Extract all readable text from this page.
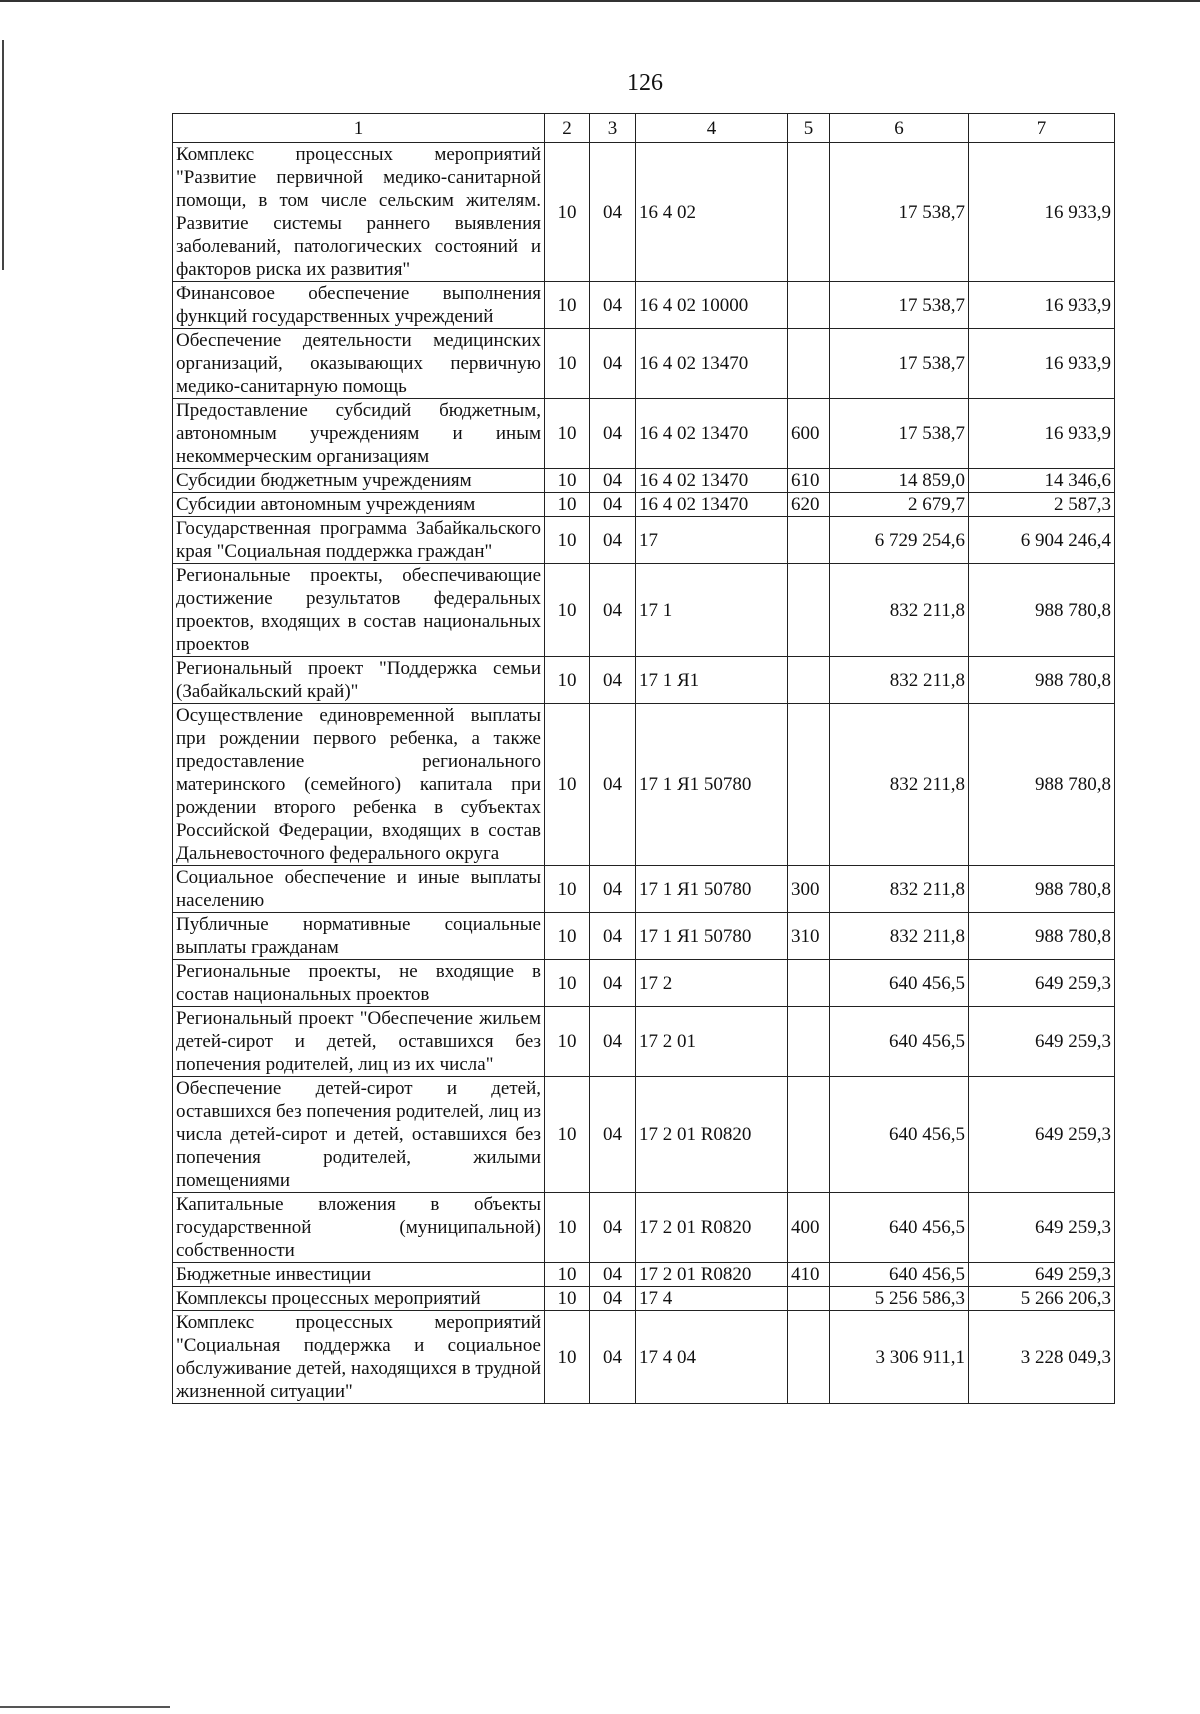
126
1	2	3	4	5	6	7
Комплекс процессных мероприятий "Развитие первичной медико-санитарной помощи, в том числе сельским жителям. Развитие системы раннего выявления заболеваний, патологических состояний и факторов риска их развития"	10	04	16 4 02		17 538,7	16 933,9
Финансовое обеспечение выполнения функций государственных учреждений	10	04	16 4 02 10000		17 538,7	16 933,9
Обеспечение деятельности медицинских организаций, оказывающих первичную медико-санитарную помощь	10	04	16 4 02 13470		17 538,7	16 933,9
Предоставление субсидий бюджетным, автономным учреждениям и иным некоммерческим организациям	10	04	16 4 02 13470	600	17 538,7	16 933,9
Субсидии бюджетным учреждениям	10	04	16 4 02 13470	610	14 859,0	14 346,6
Субсидии автономным учреждениям	10	04	16 4 02 13470	620	2 679,7	2 587,3
Государственная программа Забайкальского края "Социальная поддержка граждан"	10	04	17		6 729 254,6	6 904 246,4
Региональные проекты, обеспечивающие достижение результатов федеральных проектов, входящих в состав национальных проектов	10	04	17 1		832 211,8	988 780,8
Региональный проект "Поддержка семьи (Забайкальский край)"	10	04	17 1 Я1		832 211,8	988 780,8
Осуществление единовременной выплаты при рождении первого ребенка, а также предоставление регионального материнского (семейного) капитала при рождении второго ребенка в субъектах Российской Федерации, входящих в состав Дальневосточного федерального округа	10	04	17 1 Я1 50780		832 211,8	988 780,8
Социальное обеспечение и иные выплаты населению	10	04	17 1 Я1 50780	300	832 211,8	988 780,8
Публичные нормативные социальные выплаты гражданам	10	04	17 1 Я1 50780	310	832 211,8	988 780,8
Региональные проекты, не входящие в состав национальных проектов	10	04	17 2		640 456,5	649 259,3
Региональный проект "Обеспечение жильем детей-сирот и детей, оставшихся без попечения родителей, лиц из их числа"	10	04	17 2 01		640 456,5	649 259,3
Обеспечение детей-сирот и детей, оставшихся без попечения родителей, лиц из числа детей-сирот и детей, оставшихся без попечения родителей, жилыми помещениями	10	04	17 2 01 R0820		640 456,5	649 259,3
Капитальные вложения в объекты государственной (муниципальной) собственности	10	04	17 2 01 R0820	400	640 456,5	649 259,3
Бюджетные инвестиции	10	04	17 2 01 R0820	410	640 456,5	649 259,3
Комплексы процессных мероприятий	10	04	17 4		5 256 586,3	5 266 206,3
Комплекс процессных мероприятий "Социальная поддержка и социальное обслуживание детей, находящихся в трудной жизненной ситуации"	10	04	17 4 04		3 306 911,1	3 228 049,3
